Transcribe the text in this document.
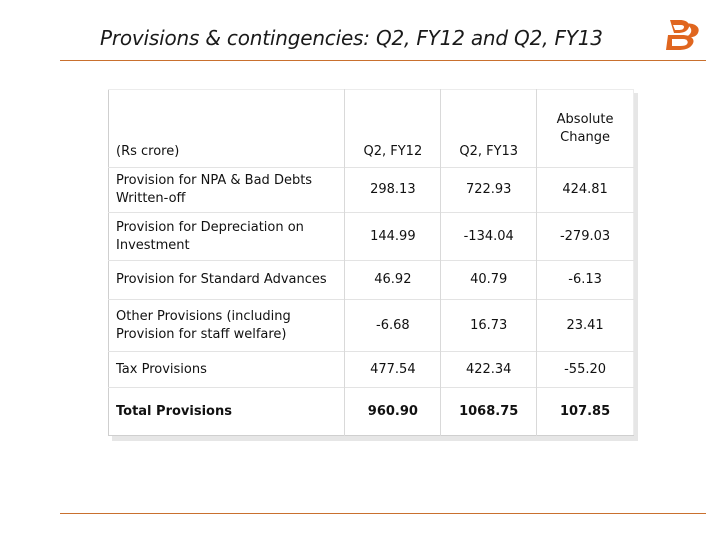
Provisions & contingencies: Q2, FY12 and Q2, FY13
(Rs crore)	Q2, FY12	Q2, FY13	Absolute Change
Provision for NPA & Bad Debts Written-off	298.13	722.93	424.81
Provision for Depreciation on Investment	144.99	-134.04	-279.03
Provision for Standard Advances	46.92	40.79	-6.13
Other Provisions (including Provision for staff welfare)	-6.68	16.73	23.41
Tax Provisions	477.54	422.34	-55.20
Total Provisions	960.90	1068.75	107.85
